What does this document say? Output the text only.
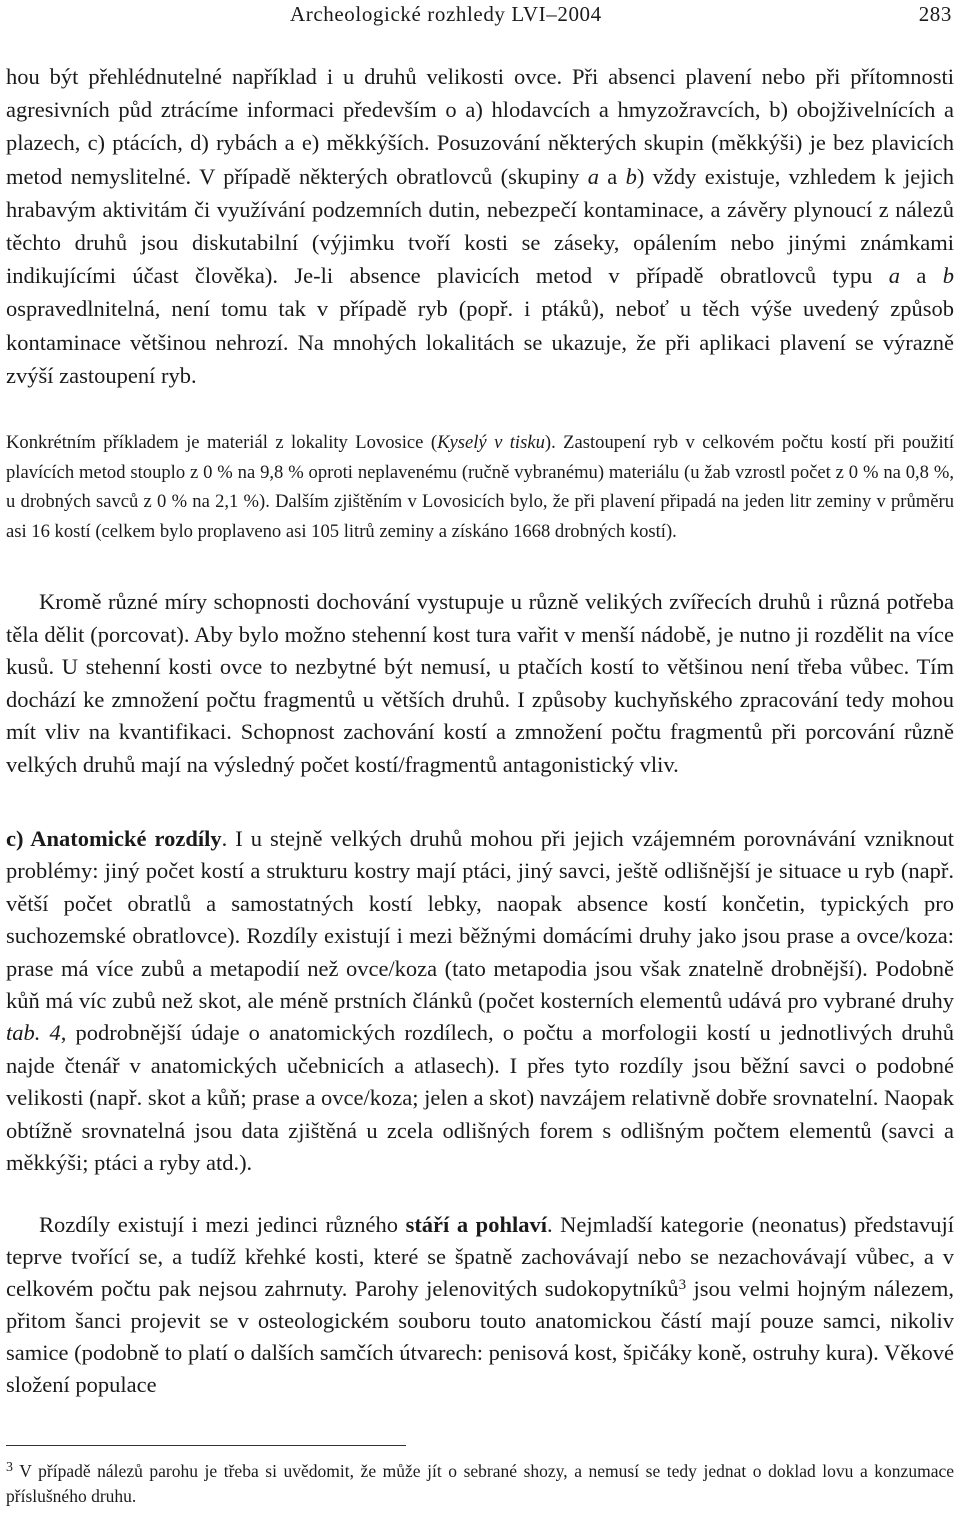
Archeologické rozhledy LVI–2004	283

hou být přehlédnutelné například i u druhů velikosti ovce. Při absenci plavení nebo při přítomnosti agresivních půd ztrácíme informaci především o a) hlodavcích a hmyzožravcích, b) obojživelnících a plazech, c) ptácích, d) rybách a e) měkkýších. Posuzování některých skupin (měkkýši) je bez plavicích metod nemyslitelné. V případě některých obratlovců (skupiny a a b) vždy existuje, vzhledem k jejich hrabavým aktivitám či využívání podzemních dutin, nebezpečí kontaminace, a závěry plynoucí z nálezů těchto druhů jsou diskutabilní (výjimku tvoří kosti se záseky, opálením nebo jinými známkami indikujícími účast člověka). Je-li absence plavicích metod v případě obratlovců typu a a b ospravedlnitelná, není tomu tak v případě ryb (popř. i ptáků), neboť u těch výše uvedený způsob kontaminace většinou nehrozí. Na mnohých lokalitách se ukazuje, že při aplikaci plavení se výrazně zvýší zastoupení ryb.

Konkrétním příkladem je materiál z lokality Lovosice (Kyselý v tisku). Zastoupení ryb v celkovém počtu kostí při použití plavících metod stouplo z 0 % na 9,8 % oproti neplavenému (ručně vybranému) materiálu (u žab vzrostl počet z 0 % na 0,8 %, u drobných savců z 0 % na 2,1 %). Dalším zjištěním v Lovosicích bylo, že při plavení připadá na jeden litr zeminy v průměru asi 16 kostí (celkem bylo proplaveno asi 105 litrů zeminy a získáno 1668 drobných kostí).

Kromě různé míry schopnosti dochování vystupuje u různě velikých zvířecích druhů i různá potřeba těla dělit (porcovat). Aby bylo možno stehenní kost tura vařit v menší nádobě, je nutno ji rozdělit na více kusů. U stehenní kosti ovce to nezbytné být nemusí, u ptačích kostí to většinou není třeba vůbec. Tím dochází ke zmnožení počtu fragmentů u větších druhů. I způsoby kuchyňského zpracování tedy mohou mít vliv na kvantifikaci. Schopnost zachování kostí a zmnožení počtu fragmentů při porcování různě velkých druhů mají na výsledný počet kostí/fragmentů antagonistický vliv.

c) Anatomické rozdíly. I u stejně velkých druhů mohou při jejich vzájemném porovnávání vzniknout problémy: jiný počet kostí a strukturu kostry mají ptáci, jiný savci, ještě odlišnější je situace u ryb (např. větší počet obratlů a samostatných kostí lebky, naopak absence kostí končetin, typických pro suchozemské obratlovce). Rozdíly existují i mezi běžnými domácími druhy jako jsou prase a ovce/koza: prase má více zubů a metapodií než ovce/koza (tato metapodia jsou však znatelně drobnější). Podobně kůň má víc zubů než skot, ale méně prstních článků (počet kosterních elementů udává pro vybrané druhy tab. 4, podrobnější údaje o anatomických rozdílech, o počtu a morfologii kostí u jednotlivých druhů najde čtenář v anatomických učebnicích a atlasech). I přes tyto rozdíly jsou běžní savci o podobné velikosti (např. skot a kůň; prase a ovce/koza; jelen a skot) navzájem relativně dobře srovnatelní. Naopak obtížně srovnatelná jsou data zjištěná u zcela odlišných forem s odlišným počtem elementů (savci a měkkýši; ptáci a ryby atd.).

Rozdíly existují i mezi jedinci různého stáří a pohlaví. Nejmladší kategorie (neonatus) představují teprve tvořící se, a tudíž křehké kosti, které se špatně zachovávají nebo se nezachovávají vůbec, a v celkovém počtu pak nejsou zahrnuty. Parohy jelenovitých sudokopytníků$^3$ jsou velmi hojným nálezem, přitom šanci projevit se v osteologickém souboru touto anatomickou částí mají pouze samci, nikoliv samice (podobně to platí o dalších samčích útvarech: penisová kost, špičáky koně, ostruhy kura). Věkové složení populace

$^3$ V případě nálezů parohu je třeba si uvědomit, že může jít o sebrané shozy, a nemusí se tedy jednat o doklad lovu a konzumace příslušného druhu.
